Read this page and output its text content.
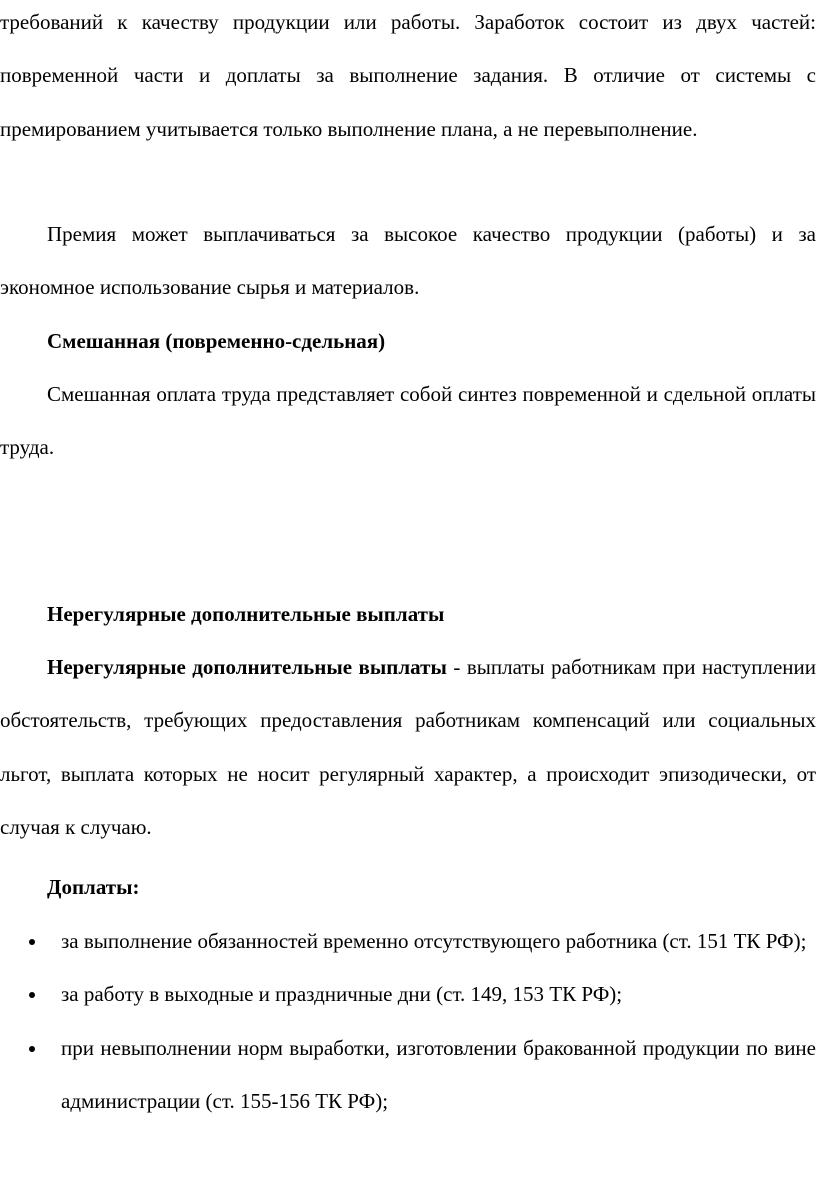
требований к качеству продукции или работы. Заработок состоит из двух частей: повременной части и доплаты за выполнение задания. В отличие от системы с премированием учитывается только выполнение плана, а не перевыполнение.

Премия может выплачиваться за высокое качество продукции (работы) и за экономное использование сырья и материалов.

Смешанная (повременно-сдельная)

Смешанная оплата труда представляет собой синтез повременной и сдельной оплаты труда.

Нерегулярные дополнительные выплаты

Нерегулярные дополнительные выплаты - выплаты работникам при наступлении обстоятельств, требующих предоставления работникам компенсаций или социальных льгот, выплата которых не носит регулярный характер, а происходит эпизодически, от случая к случаю.

Доплаты:

за выполнение обязанностей временно отсутствующего работника (ст. 151 ТК РФ);
за работу в выходные и праздничные дни (ст. 149, 153 ТК РФ);
при невыполнении норм выработки, изготовлении бракованной продукции по вине администрации (ст. 155-156 ТК РФ);
